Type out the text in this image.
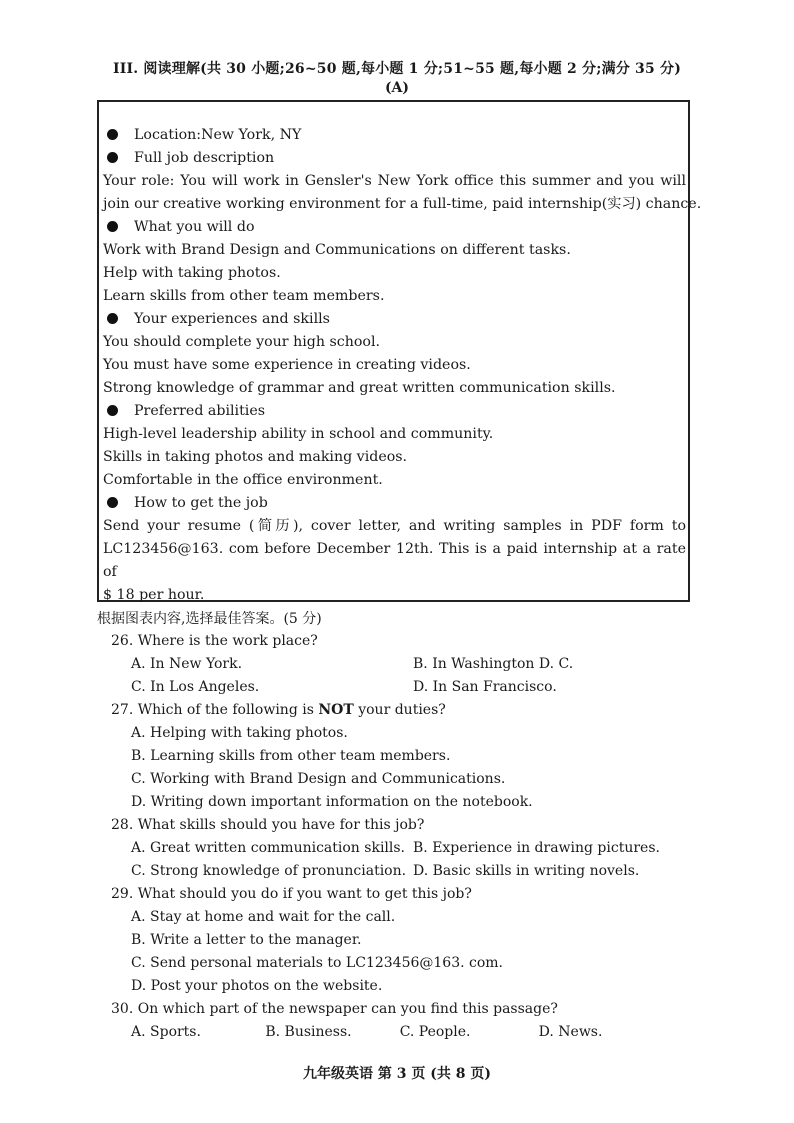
III. 阅读理解(共 30 小题;26~50 题,每小题 1 分;51~55 题,每小题 2 分;满分 35 分)
(A)
Location:New York, NY
Full job description
Your role: You will work in Gensler's New York office this summer and you will
join our creative working environment for a full-time, paid internship(实习) chance.
What you will do
Work with Brand Design and Communications on different tasks.
Help with taking photos.
Learn skills from other team members.
Your experiences and skills
You should complete your high school.
You must have some experience in creating videos.
Strong knowledge of grammar and great written communication skills.
Preferred abilities
High-level leadership ability in school and community.
Skills in taking photos and making videos.
Comfortable in the office environment.
How to get the job
Send your resume (简历), cover letter, and writing samples in PDF form to
LC123456@163. com before December 12th. This is a paid internship at a rate of
$ 18 per hour.
根据图表内容,选择最佳答案。(5 分)
26. Where is the work place?
A. In New York.	B. In Washington D. C.
C. In Los Angeles.	D. In San Francisco.
27. Which of the following is NOT your duties?
A. Helping with taking photos.
B. Learning skills from other team members.
C. Working with Brand Design and Communications.
D. Writing down important information on the notebook.
28. What skills should you have for this job?
A. Great written communication skills. B. Experience in drawing pictures.
C. Strong knowledge of pronunciation. D. Basic skills in writing novels.
29. What should you do if you want to get this job?
A. Stay at home and wait for the call.
B. Write a letter to the manager.
C. Send personal materials to LC123456@163. com.
D. Post your photos on the website.
30. On which part of the newspaper can you find this passage?
A. Sports.	B. Business.	C. People.	D. News.
九年级英语 第 3 页 (共 8 页)
